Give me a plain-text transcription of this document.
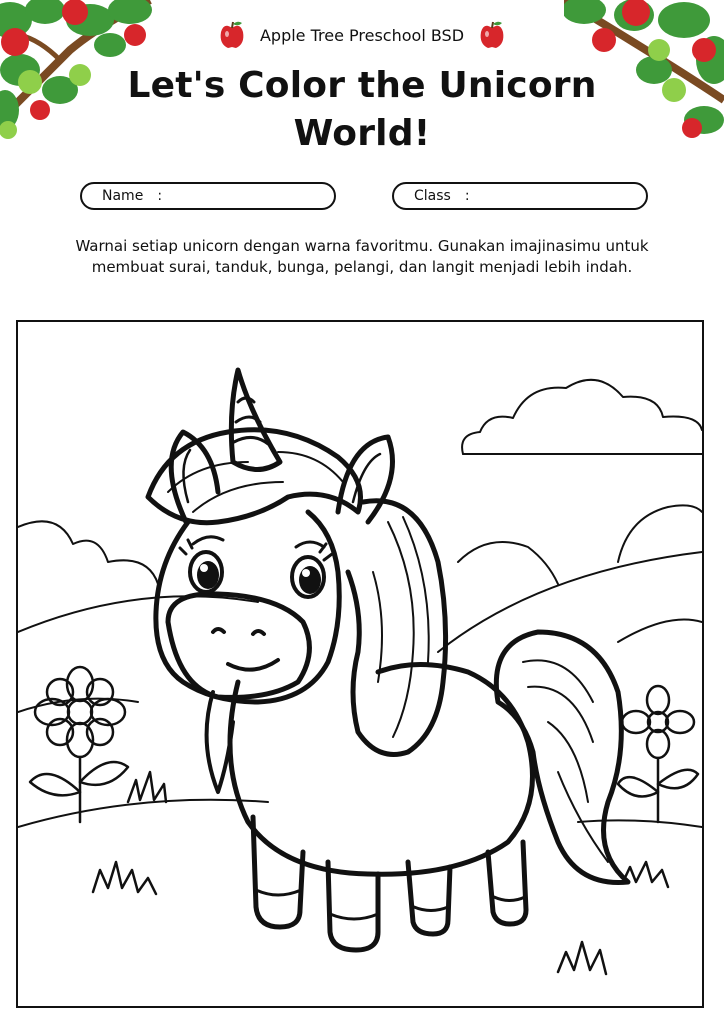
Apple Tree Preschool BSD
Let's Color the Unicorn
World!
Name :	Class :
Warnai setiap unicorn dengan warna favoritmu. Gunakan imajinasimu untuk
membuat surai, tanduk, bunga, pelangi, dan langit menjadi lebih indah.
